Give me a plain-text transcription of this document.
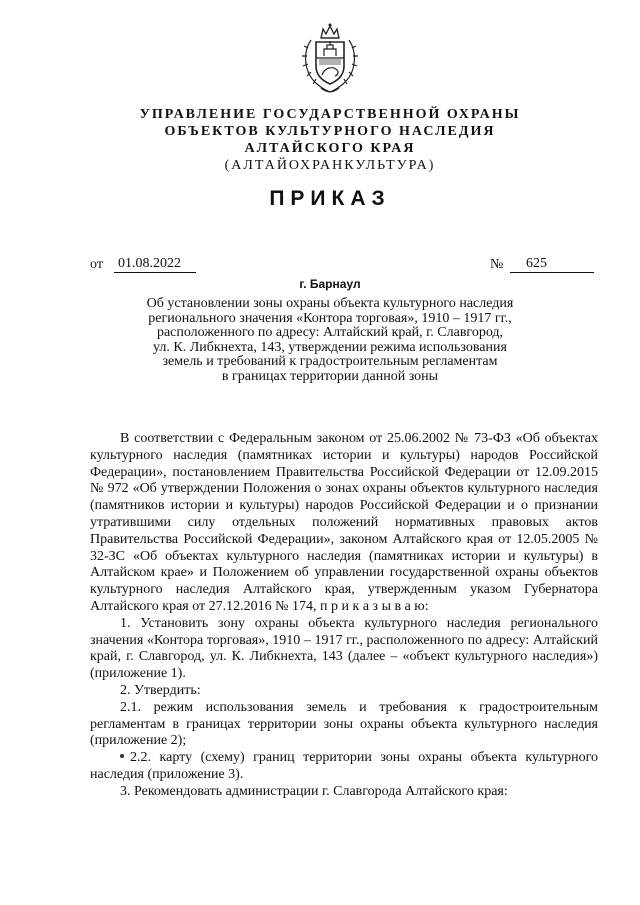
УПРАВЛЕНИЕ ГОСУДАРСТВЕННОЙ ОХРАНЫ
ОБЪЕКТОВ КУЛЬТУРНОГО НАСЛЕДИЯ
АЛТАЙСКОГО КРАЯ
(АЛТАЙОХРАНКУЛЬТУРА)
ПРИКАЗ
от 01.08.2022	№	625
г. Барнаул
Об установлении зоны охраны объекта культурного наследия
регионального значения «Контора торговая», 1910 – 1917 гг.,
расположенного по адресу: Алтайский край, г. Славгород,
ул. К. Либкнехта, 143, утверждении режима использования
земель и требований к градостроительным регламентам
в границах территории данной зоны

В соответствии с Федеральным законом от 25.06.2002 № 73-ФЗ «Об объектах культурного наследия (памятниках истории и культуры) народов Российской Федерации», постановлением Правительства Российской Федерации от 12.09.2015 № 972 «Об утверждении Положения о зонах охраны объектов культурного наследия (памятников истории и культуры) народов Российской Федерации и о признании утратившими силу отдельных положений нормативных правовых актов Правительства Российской Федерации», законом Алтайского края от 12.05.2005 № 32-ЗС «Об объектах культурного наследия (памятниках истории и культуры) в Алтайском крае» и Положением об управлении государственной охраны объектов культурного наследия Алтайского края, утвержденным указом Губернатора Алтайского края от 27.12.2016 № 174, п р и к а з ы в а ю:

1. Установить зону охраны объекта культурного наследия регионального значения «Контора торговая», 1910 – 1917 гг., расположенного по адресу: Алтайский край, г. Славгород, ул. К. Либкнехта, 143 (далее – «объект культурного наследия») (приложение 1).

2. Утвердить:

2.1. режим использования земель и требования к градостроительным регламентам в границах территории зоны охраны объекта культурного наследия (приложение 2);

2.2. карту (схему) границ территории зоны охраны объекта культурного наследия (приложение 3).

3. Рекомендовать администрации г. Славгорода Алтайского края:
